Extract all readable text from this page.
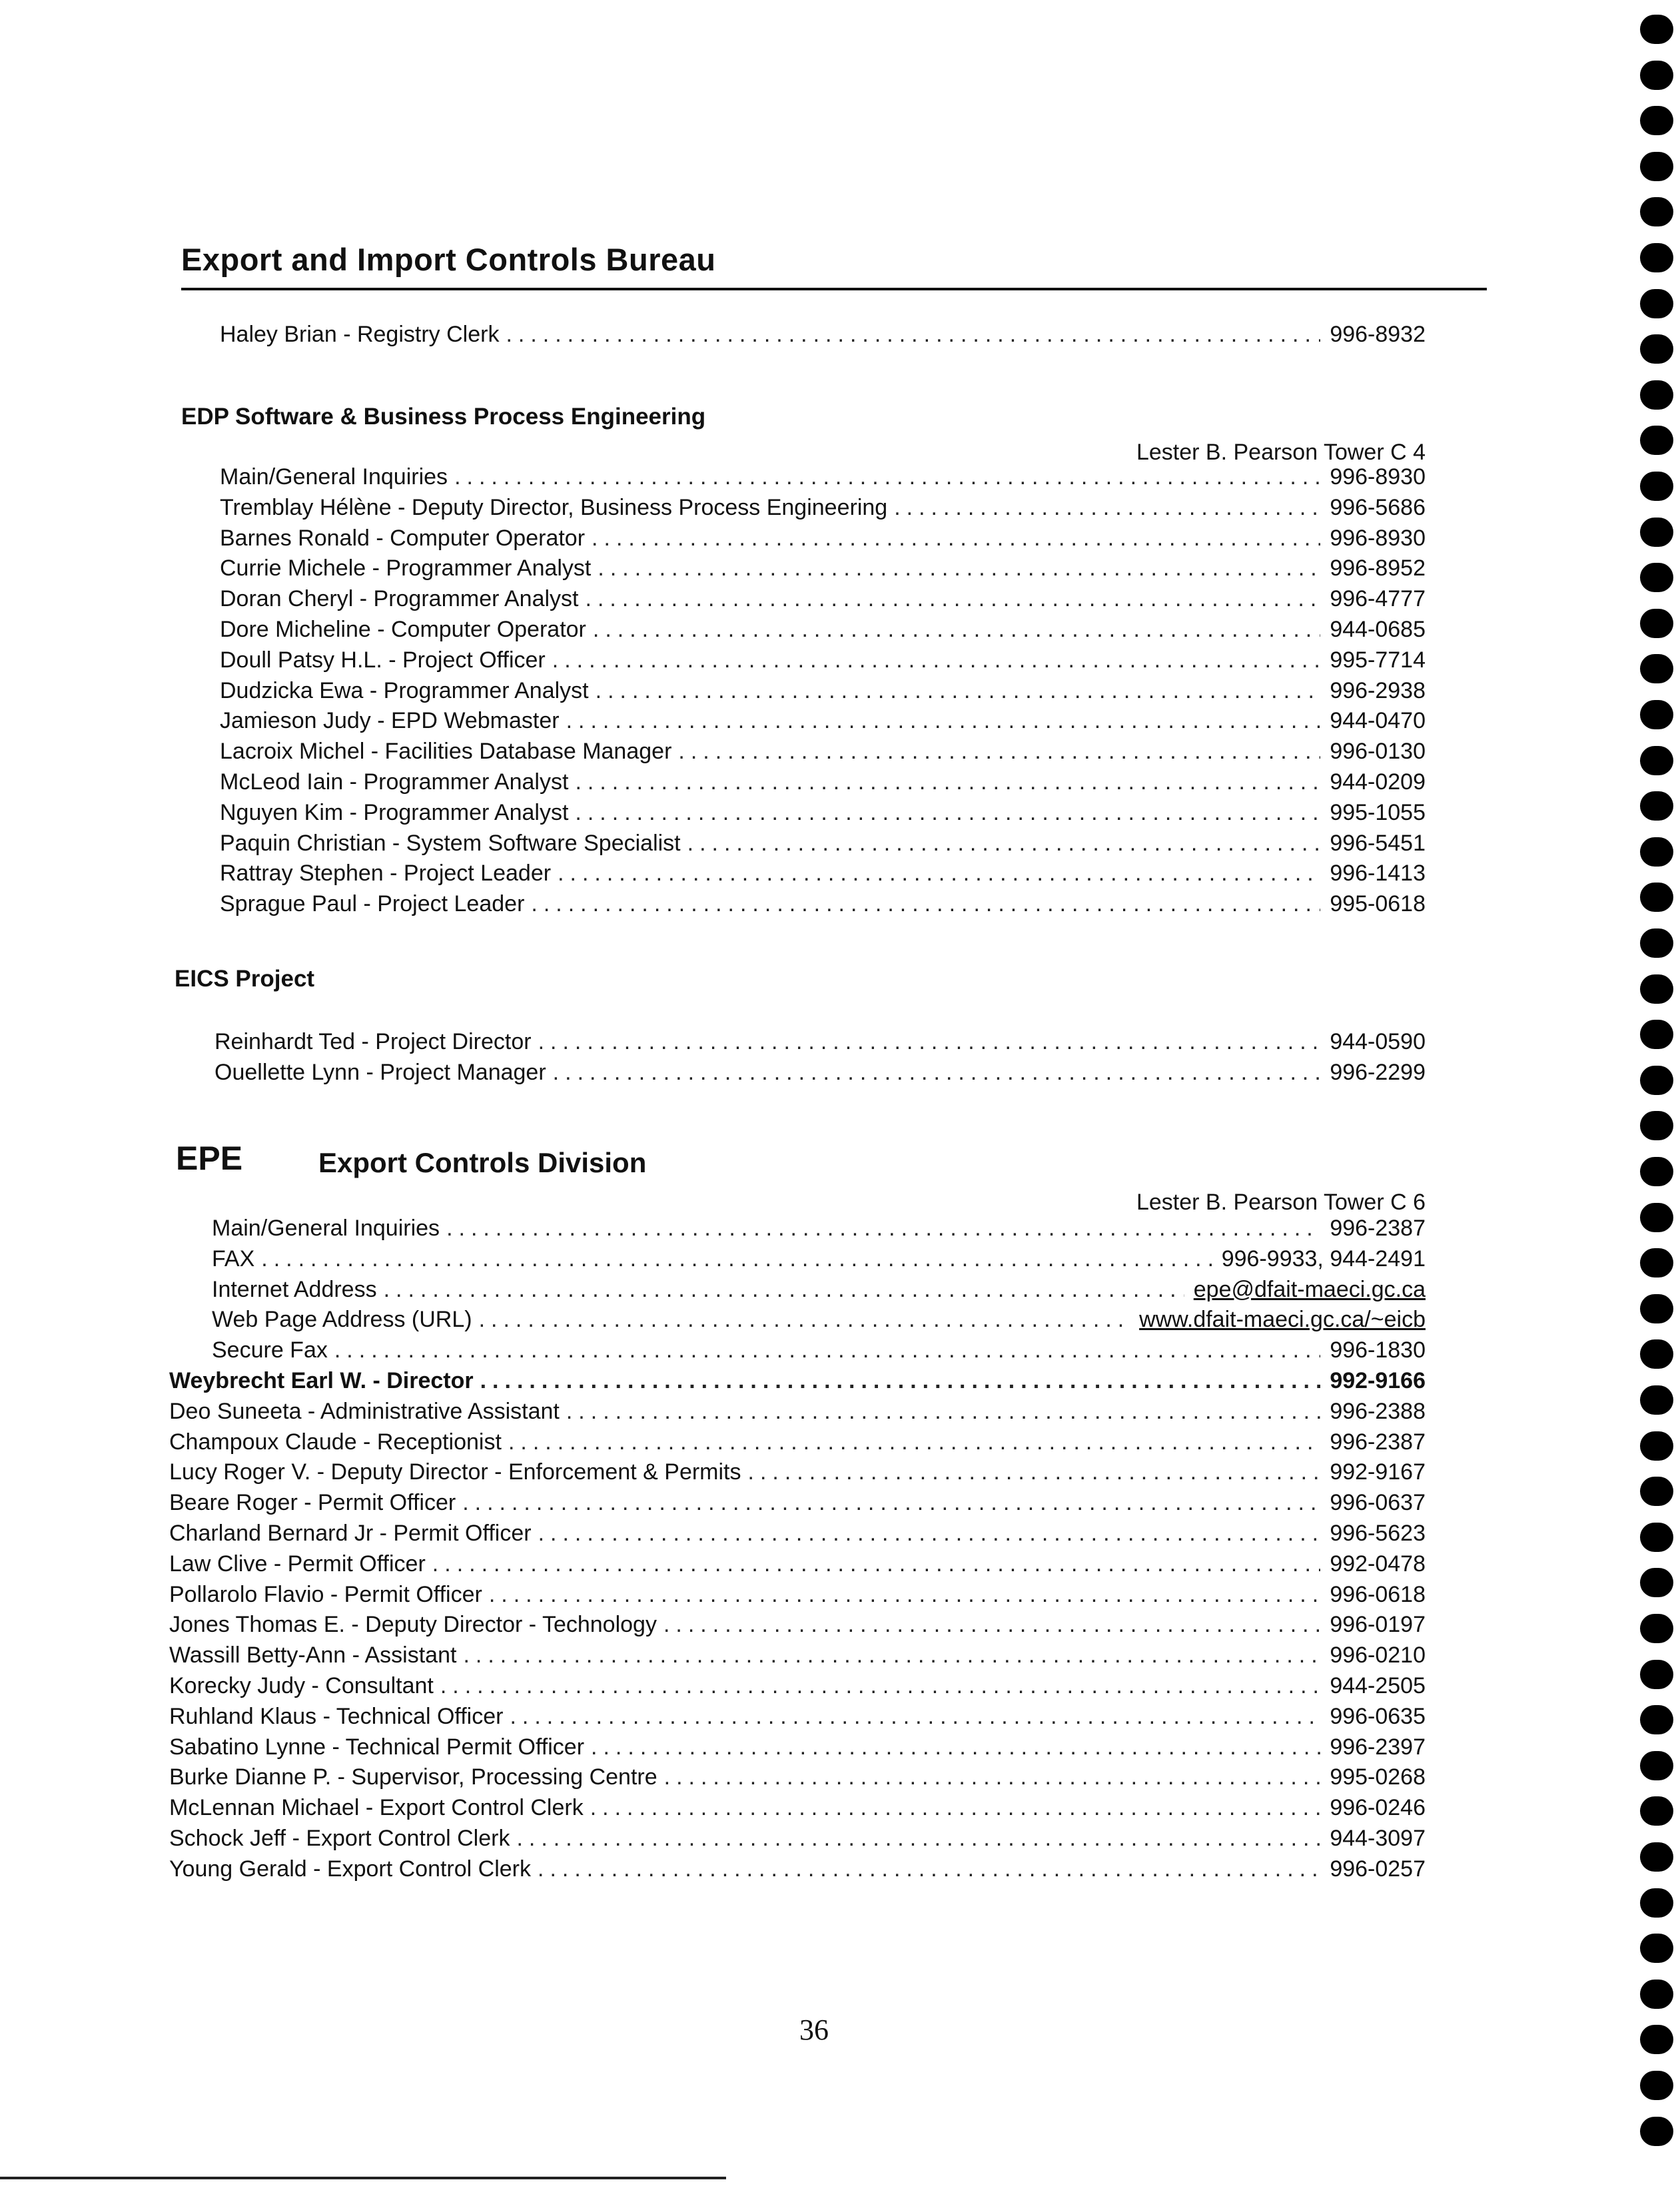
Export and Import Controls Bureau
Haley Brian - Registry Clerk .....	996-8932
EDP Software & Business Process Engineering
Lester B. Pearson Tower C 4
Main/General Inquiries .....	996-8930
Tremblay Hélène - Deputy Director, Business Process Engineering .....	996-5686
Barnes Ronald - Computer Operator .....	996-8930
Currie Michele - Programmer Analyst .....	996-8952
Doran Cheryl - Programmer Analyst .....	996-4777
Dore Micheline - Computer Operator .....	944-0685
Doull Patsy H.L. - Project Officer .....	995-7714
Dudzicka Ewa - Programmer Analyst .....	996-2938
Jamieson Judy - EPD Webmaster .....	944-0470
Lacroix Michel - Facilities Database Manager .....	996-0130
McLeod Iain - Programmer Analyst .....	944-0209
Nguyen Kim - Programmer Analyst .....	995-1055
Paquin Christian - System Software Specialist .....	996-5451
Rattray Stephen - Project Leader .....	996-1413
Sprague Paul - Project Leader .....	995-0618
EICS Project
Reinhardt Ted - Project Director .....	944-0590
Ouellette Lynn - Project Manager .....	996-2299
EPE	Export Controls Division
Lester B. Pearson Tower C 6
Main/General Inquiries .....	996-2387
FAX .....	996-9933, 944-2491
Internet Address .....	epe@dfait-maeci.gc.ca
Web Page Address (URL) .....	www.dfait-maeci.gc.ca/~eicb
Secure Fax .....	996-1830
Weybrecht Earl W. - Director .....	992-9166
Deo Suneeta - Administrative Assistant .....	996-2388
Champoux Claude - Receptionist .....	996-2387
Lucy Roger V. - Deputy Director - Enforcement & Permits .....	992-9167
Beare Roger - Permit Officer .....	996-0637
Charland Bernard Jr - Permit Officer .....	996-5623
Law Clive - Permit Officer .....	992-0478
Pollarolo Flavio - Permit Officer .....	996-0618
Jones Thomas E. - Deputy Director - Technology .....	996-0197
Wassill Betty-Ann - Assistant .....	996-0210
Korecky Judy - Consultant .....	944-2505
Ruhland Klaus - Technical Officer .....	996-0635
Sabatino Lynne - Technical Permit Officer .....	996-2397
Burke Dianne P. - Supervisor, Processing Centre .....	995-0268
McLennan Michael - Export Control Clerk .....	996-0246
Schock Jeff - Export Control Clerk .....	944-3097
Young Gerald - Export Control Clerk .....	996-0257
36
